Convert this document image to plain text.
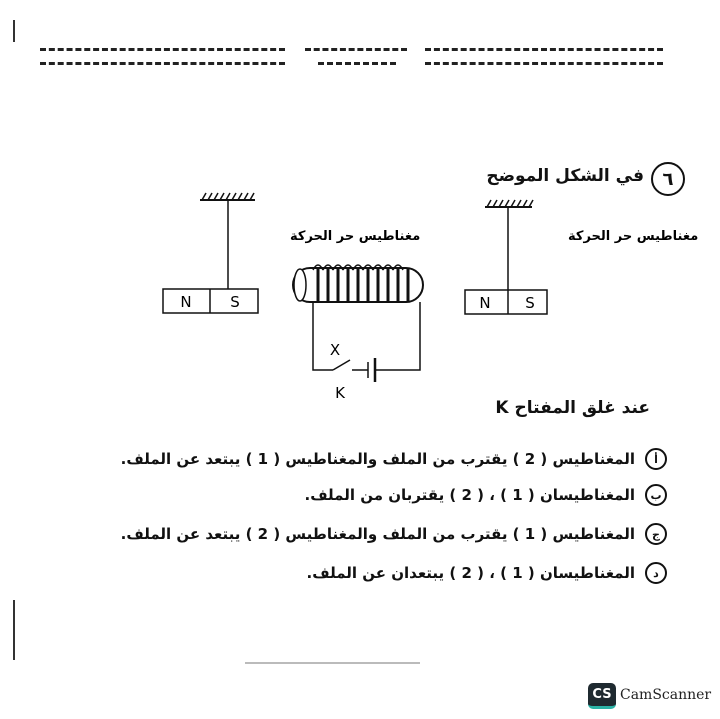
٦
في الشكل الموضح
مغناطيس حر الحركة
N	S
X
K
مغناطيس حر الحركة
N S
عند غلق المفتاح K
أ
المغناطيس ( 2 ) يقترب من الملف والمغناطيس ( 1 ) يبتعد عن الملف.
ب
المغناطيسان ( 1 ) ، ( 2 ) يقتربان من الملف.
ج
المغناطيس ( 1 ) يقترب من الملف والمغناطيس ( 2 ) يبتعد عن الملف.
د
المغناطيسان ( 1 ) ، ( 2 ) يبتعدان عن الملف.
CS CamScanner
